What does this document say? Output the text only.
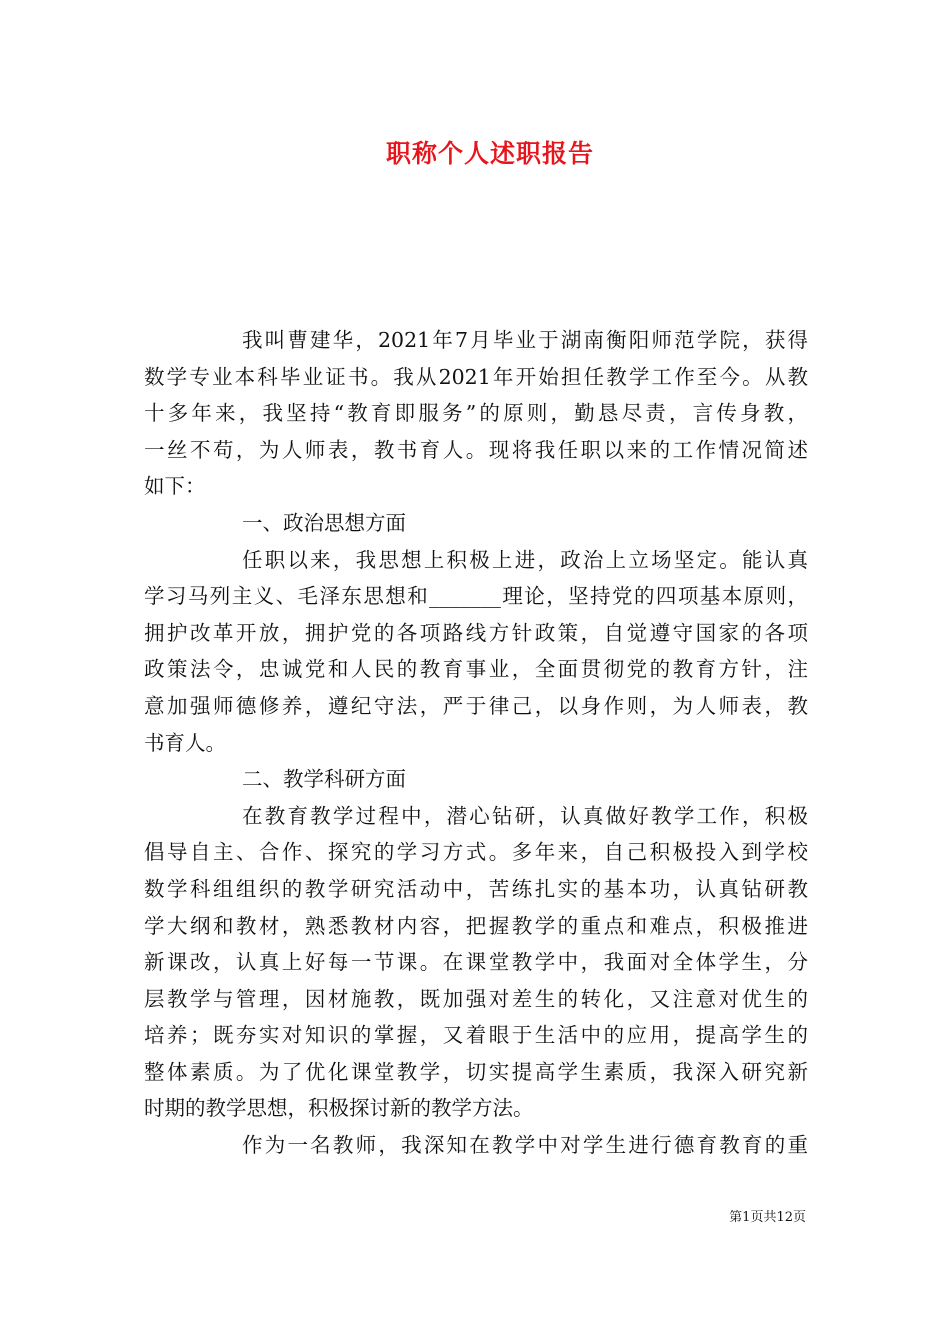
职称个人述职报告
我叫曹建华，2021年7月毕业于湖南衡阳师范学院，获得
数学专业本科毕业证书。我从2021年开始担任教学工作至今。从教
十多年来，我坚持“教育即服务”的原则，勤恳尽责，言传身教，
一丝不苟，为人师表，教书育人。现将我任职以来的工作情况简述
如下：
一、政治思想方面
任职以来，我思想上积极上进，政治上立场坚定。能认真
学习马列主义、毛泽东思想和_______理论，坚持党的四项基本原则，
拥护改革开放，拥护党的各项路线方针政策，自觉遵守国家的各项
政策法令，忠诚党和人民的教育事业，全面贯彻党的教育方针，注
意加强师德修养，遵纪守法，严于律己，以身作则，为人师表，教
书育人。
二、教学科研方面
在教育教学过程中，潜心钻研，认真做好教学工作，积极
倡导自主、合作、探究的学习方式。多年来，自己积极投入到学校
数学科组组织的教学研究活动中，苦练扎实的基本功，认真钻研教
学大纲和教材，熟悉教材内容，把握教学的重点和难点，积极推进
新课改，认真上好每一节课。在课堂教学中，我面对全体学生，分
层教学与管理，因材施教，既加强对差生的转化，又注意对优生的
培养；既夯实对知识的掌握，又着眼于生活中的应用，提高学生的
整体素质。为了优化课堂教学，切实提高学生素质，我深入研究新
时期的教学思想，积极探讨新的教学方法。
作为一名教师，我深知在教学中对学生进行德育教育的重
第1页共12页
